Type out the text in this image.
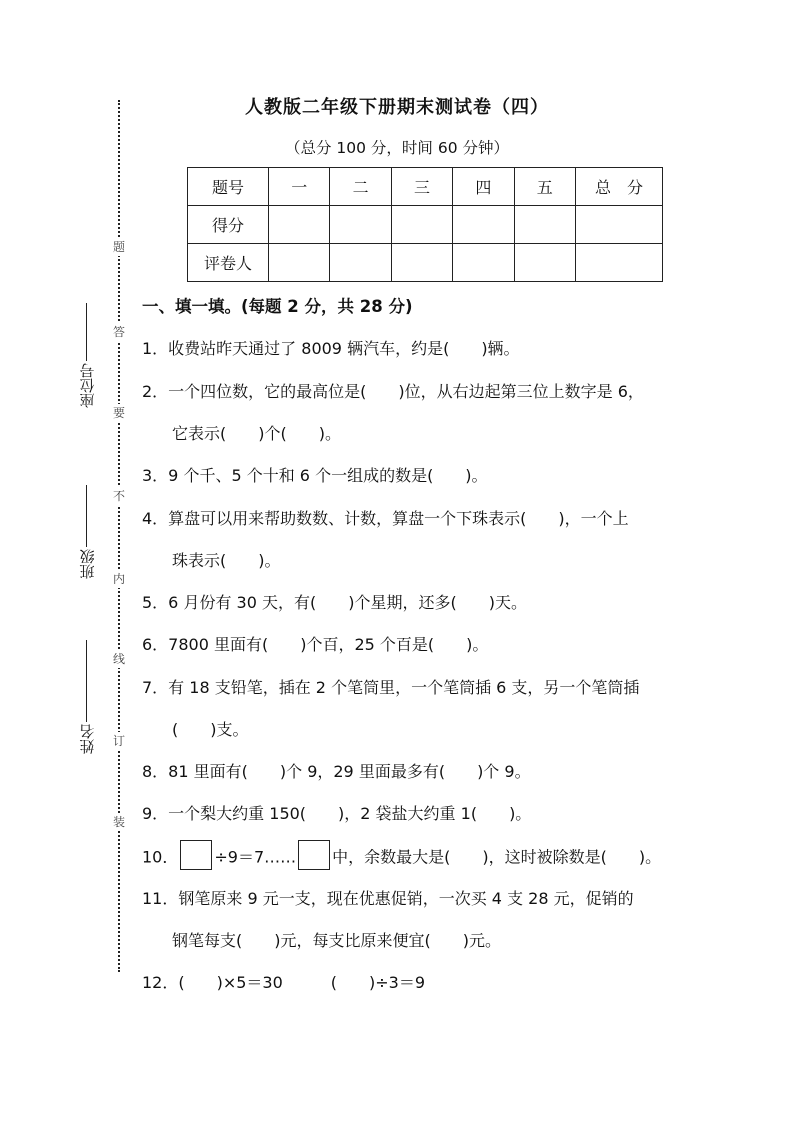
题
答
要
不
内
线
订
装
座位号
班级
姓名
人教版二年级下册期末测试卷（四）
（总分 100 分，时间 60 分钟）
题号	一	二	三	四	五	总　分
得分						
评卷人						
一、填一填。(每题 2 分，共 28 分)
1．收费站昨天通过了 8009 辆汽车，约是(　　)辆。
2．一个四位数，它的最高位是(　　)位，从右边起第三位上数字是 6，
它表示(　　)个(　　)。
3．9 个千、5 个十和 6 个一组成的数是(　　)。
4．算盘可以用来帮助数数、计数，算盘一个下珠表示(　　)，一个上
珠表示(　　)。
5．6 月份有 30 天，有(　　)个星期，还多(　　)天。
6．7800 里面有(　　)个百，25 个百是(　　)。
7．有 18 支铅笔，插在 2 个笔筒里，一个笔筒插 6 支，另一个笔筒插
(　　)支。
8．81 里面有(　　)个 9，29 里面最多有(　　)个 9。
9．一个梨大约重 150(　　)，2 袋盐大约重 1(　　)。
10． ÷9＝7…… 中，余数最大是(　　)，这时被除数是(　　)。
11．钢笔原来 9 元一支，现在优惠促销，一次买 4 支 28 元，促销的
钢笔每支(　　)元，每支比原来便宜(　　)元。
12．(　　)×5＝30　　　(　　)÷3＝9
